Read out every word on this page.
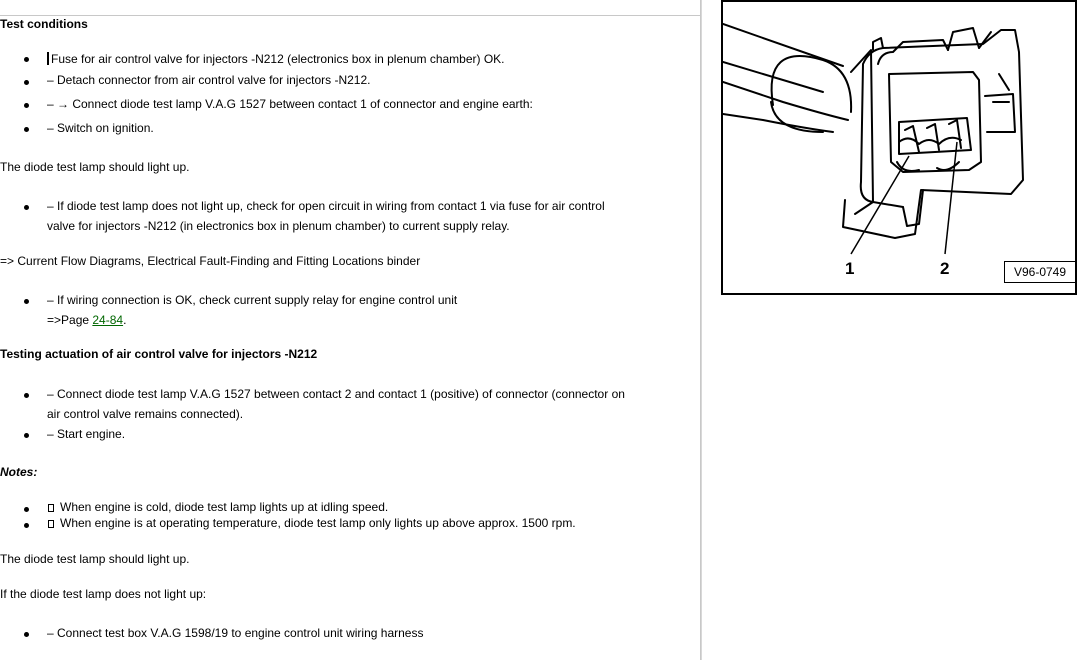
Test conditions
Fuse for air control valve for injectors -N212 (electronics box in plenum chamber) OK.
– Detach connector from air control valve for injectors -N212.
– → Connect diode test lamp V.A.G 1527 between contact 1 of connector and engine earth:
– Switch on ignition.
The diode test lamp should light up.
– If diode test lamp does not light up, check for open circuit in wiring from contact 1 via fuse for air control
valve for injectors -N212 (in electronics box in plenum chamber) to current supply relay.
=> Current Flow Diagrams, Electrical Fault-Finding and Fitting Locations binder
– If wiring connection is OK, check current supply relay for engine control unit
=>Page 24-84.
Testing actuation of air control valve for injectors -N212
– Connect diode test lamp V.A.G 1527 between contact 2 and contact 1 (positive) of connector (connector on
air control valve remains connected).
– Start engine.
Notes:
When engine is cold, diode test lamp lights up at idling speed.
When engine is at operating temperature, diode test lamp only lights up above approx. 1500 rpm.
The diode test lamp should light up.
If the diode test lamp does not light up:
– Connect test box V.A.G 1598/19 to engine control unit wiring harness
1	2	V96-0749
